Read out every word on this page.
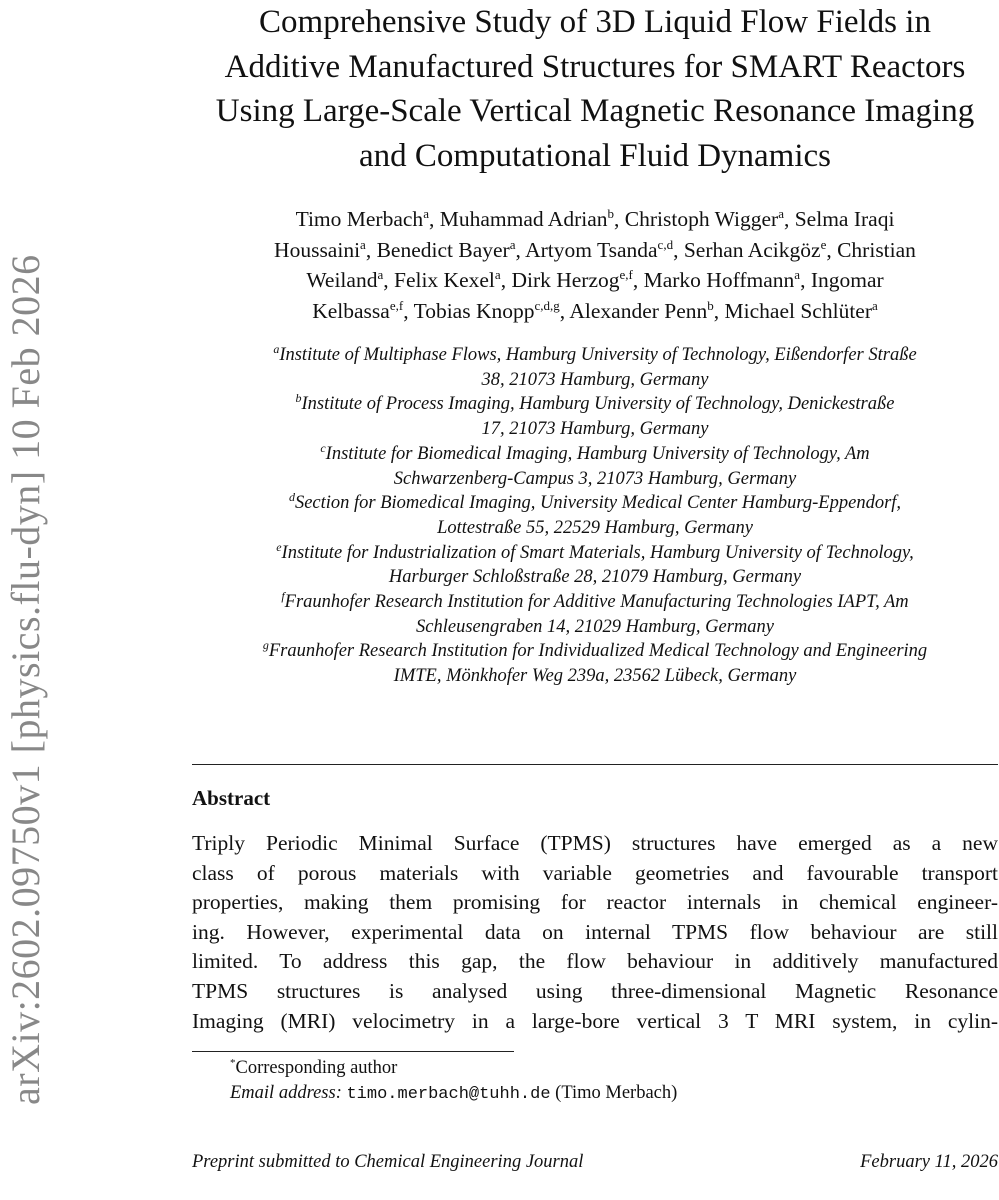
arXiv:2602.09750v1 [physics.flu-dyn] 10 Feb 2026
Comprehensive Study of 3D Liquid Flow Fields in
Additive Manufactured Structures for SMART Reactors
Using Large-Scale Vertical Magnetic Resonance Imaging
and Computational Fluid Dynamics
Timo Merbach$^a$, Muhammad Adrian$^b$, Christoph Wigger$^a$, Selma Iraqi
Houssaini$^a$, Benedict Bayer$^a$, Artyom Tsanda$^{c,d}$, Serhan Acikgöz$^e$, Christian
Weiland$^a$, Felix Kexel$^a$, Dirk Herzog$^{e,f}$, Marko Hoffmann$^a$, Ingomar
Kelbassa$^{e,f}$, Tobias Knopp$^{c,d,g}$, Alexander Penn$^b$, Michael Schlüter$^a$
$^a$Institute of Multiphase Flows, Hamburg University of Technology, Eißendorfer Straße
38, 21073 Hamburg, Germany
$^b$Institute of Process Imaging, Hamburg University of Technology, Denickestraße
17, 21073 Hamburg, Germany
$^c$Institute for Biomedical Imaging, Hamburg University of Technology, Am
Schwarzenberg-Campus 3, 21073 Hamburg, Germany
$^d$Section for Biomedical Imaging, University Medical Center Hamburg-Eppendorf,
Lottestraße 55, 22529 Hamburg, Germany
$^e$Institute for Industrialization of Smart Materials, Hamburg University of Technology,
Harburger Schloßstraße 28, 21079 Hamburg, Germany
$^f$Fraunhofer Research Institution for Additive Manufacturing Technologies IAPT, Am
Schleusengraben 14, 21029 Hamburg, Germany
$^g$Fraunhofer Research Institution for Individualized Medical Technology and Engineering
IMTE, Mönkhofer Weg 239a, 23562 Lübeck, Germany
Abstract
Triply Periodic Minimal Surface (TPMS) structures have emerged as a new
class of porous materials with variable geometries and favourable transport
properties, making them promising for reactor internals in chemical engineer-
ing. However, experimental data on internal TPMS flow behaviour are still
limited. To address this gap, the flow behaviour in additively manufactured
TPMS structures is analysed using three-dimensional Magnetic Resonance
Imaging (MRI) velocimetry in a large-bore vertical 3 T MRI system, in cylin-
*Corresponding author
Email address: timo.merbach@tuhh.de (Timo Merbach)
Preprint submitted to Chemical Engineering Journal	February 11, 2026
